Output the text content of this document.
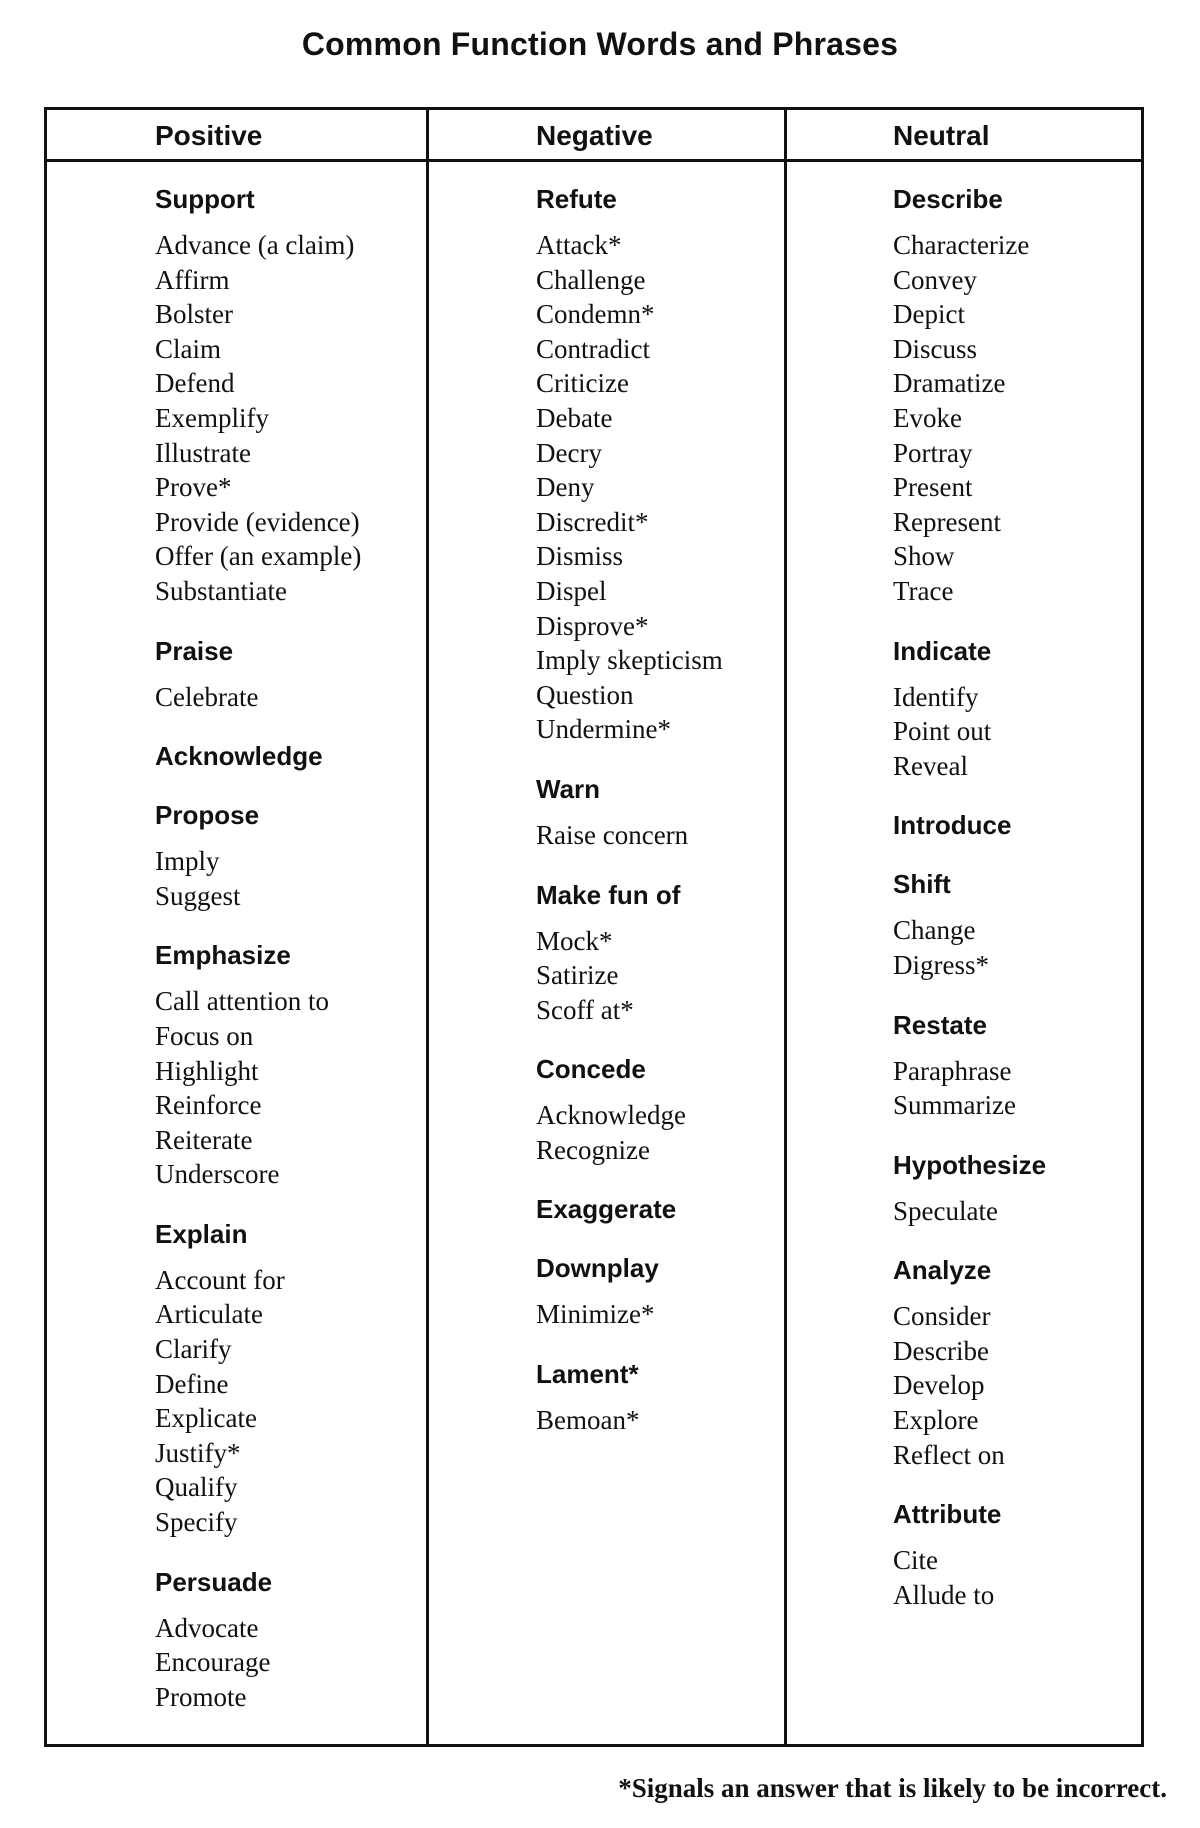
Common Function Words and Phrases
Positive	Negative	Neutral
Support
Advance (a claim)
Affirm
Bolster
Claim
Defend
Exemplify
Illustrate
Prove*
Provide (evidence)
Offer (an example)
Substantiate
Praise
Celebrate
Acknowledge
Propose
Imply
Suggest
Emphasize
Call attention to
Focus on
Highlight
Reinforce
Reiterate
Underscore
Explain
Account for
Articulate
Clarify
Define
Explicate
Justify*
Qualify
Specify
Persuade
Advocate
Encourage
Promote
Refute
Attack*
Challenge
Condemn*
Contradict
Criticize
Debate
Decry
Deny
Discredit*
Dismiss
Dispel
Disprove*
Imply skepticism
Question
Undermine*
Warn
Raise concern
Make fun of
Mock*
Satirize
Scoff at*
Concede
Acknowledge
Recognize
Exaggerate
Downplay
Minimize*
Lament*
Bemoan*
Describe
Characterize
Convey
Depict
Discuss
Dramatize
Evoke
Portray
Present
Represent
Show
Trace
Indicate
Identify
Point out
Reveal
Introduce
Shift
Change
Digress*
Restate
Paraphrase
Summarize
Hypothesize
Speculate
Analyze
Consider
Describe
Develop
Explore
Reflect on
Attribute
Cite
Allude to
*Signals an answer that is likely to be incorrect.
